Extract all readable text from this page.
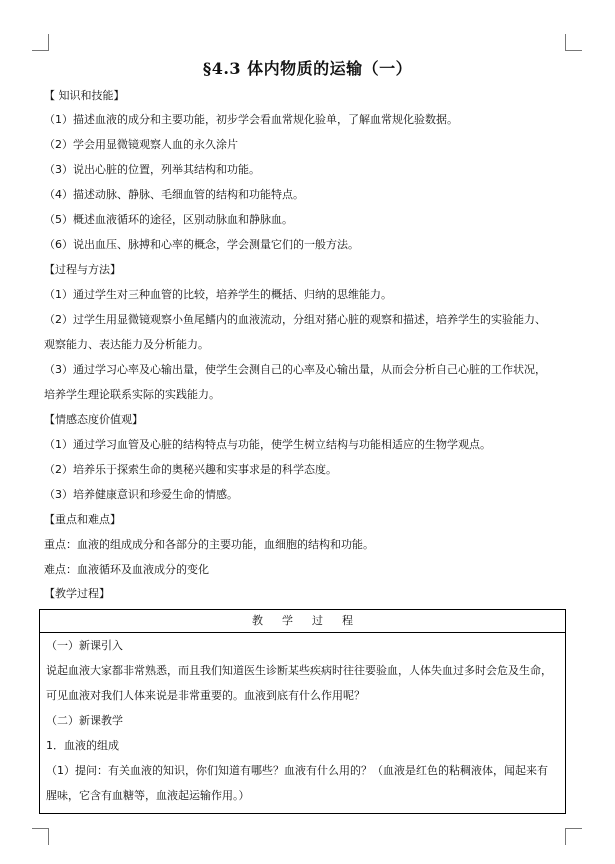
§4.3 体内物质的运输（一）
【 知识和技能】
（1）描述血液的成分和主要功能，初步学会看血常规化验单，了解血常规化验数据。
（2）学会用显微镜观察人血的永久涂片
（3）说出心脏的位置，列举其结构和功能。
（4）描述动脉、静脉、毛细血管的结构和功能特点。
（5）概述血液循环的途径，区别动脉血和静脉血。
（6）说出血压、脉搏和心率的概念，学会测量它们的一般方法。
【过程与方法】
（1）通过学生对三种血管的比较，培养学生的概括、归纳的思维能力。
（2）过学生用显微镜观察小鱼尾鳍内的血液流动，分组对猪心脏的观察和描述，培养学生的实验能力、
观察能力、表达能力及分析能力。
（3）通过学习心率及心输出量，使学生会测自己的心率及心输出量，从而会分析自己心脏的工作状况，
培养学生理论联系实际的实践能力。
【情感态度价值观】
（1）通过学习血管及心脏的结构特点与功能，使学生树立结构与功能相适应的生物学观点。
（2）培养乐于探索生命的奥秘兴趣和实事求是的科学态度。
（3）培养健康意识和珍爱生命的情感。
【重点和难点】
重点：血液的组成成分和各部分的主要功能，血细胞的结构和功能。
难点：血液循环及血液成分的变化
【教学过程】
教学过程
（一）新课引入
说起血液大家都非常熟悉，而且我们知道医生诊断某些疾病时往往要验血，人体失血过多时会危及生命，
可见血液对我们人体来说是非常重要的。血液到底有什么作用呢？
（二）新课教学
1．血液的组成
（1）提问：有关血液的知识，你们知道有哪些？血液有什么用的？（血液是红色的粘稠液体，闻起来有
腥味，它含有血糖等，血液起运输作用。）
